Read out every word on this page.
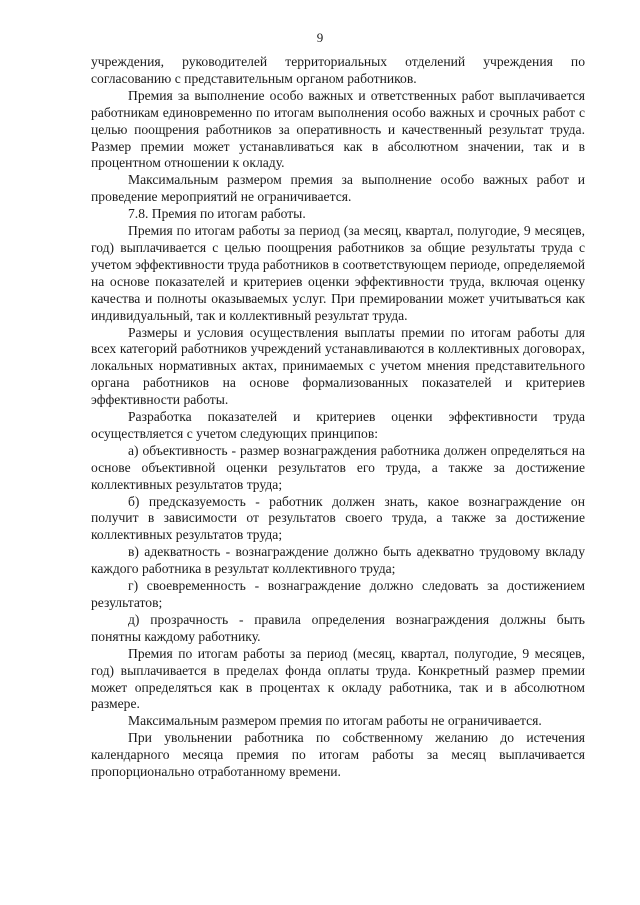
9

учреждения, руководителей территориальных отделений учреждения по согласованию с представительным органом работников.

Премия за выполнение особо важных и ответственных работ выплачивается работникам единовременно по итогам выполнения особо важных и срочных работ с целью поощрения работников за оперативность и качественный результат труда. Размер премии может устанавливаться как в абсолютном значении, так и в процентном отношении к окладу.

Максимальным размером премия за выполнение особо важных работ и проведение мероприятий не ограничивается.

7.8. Премия по итогам работы.

Премия по итогам работы за период (за месяц, квартал, полугодие, 9 месяцев, год) выплачивается с целью поощрения работников за общие результаты труда с учетом эффективности труда работников в соответствующем периоде, определяемой на основе показателей и критериев оценки эффективности труда, включая оценку качества и полноты оказываемых услуг. При премировании может учитываться как индивидуальный, так и коллективный результат труда.

Размеры и условия осуществления выплаты премии по итогам работы для всех категорий работников учреждений устанавливаются в коллективных договорах, локальных нормативных актах, принимаемых с учетом мнения представительного органа работников на основе формализованных показателей и критериев эффективности работы.

Разработка показателей и критериев оценки эффективности труда осуществляется с учетом следующих принципов:

а) объективность - размер вознаграждения работника должен определяться на основе объективной оценки результатов его труда, а также за достижение коллективных результатов труда;

б) предсказуемость - работник должен знать, какое вознаграждение он получит в зависимости от результатов своего труда, а также за достижение коллективных результатов труда;

в) адекватность - вознаграждение должно быть адекватно трудовому вкладу каждого работника в результат коллективного труда;

г) своевременность - вознаграждение должно следовать за достижением результатов;

д) прозрачность - правила определения вознаграждения должны быть понятны каждому работнику.

Премия по итогам работы за период (месяц, квартал, полугодие, 9 месяцев, год) выплачивается в пределах фонда оплаты труда. Конкретный размер премии может определяться как в процентах к окладу работника, так и в абсолютном размере.

Максимальным размером премия по итогам работы не ограничивается.

При увольнении работника по собственному желанию до истечения календарного месяца премия по итогам работы за месяц выплачивается пропорционально отработанному времени.
